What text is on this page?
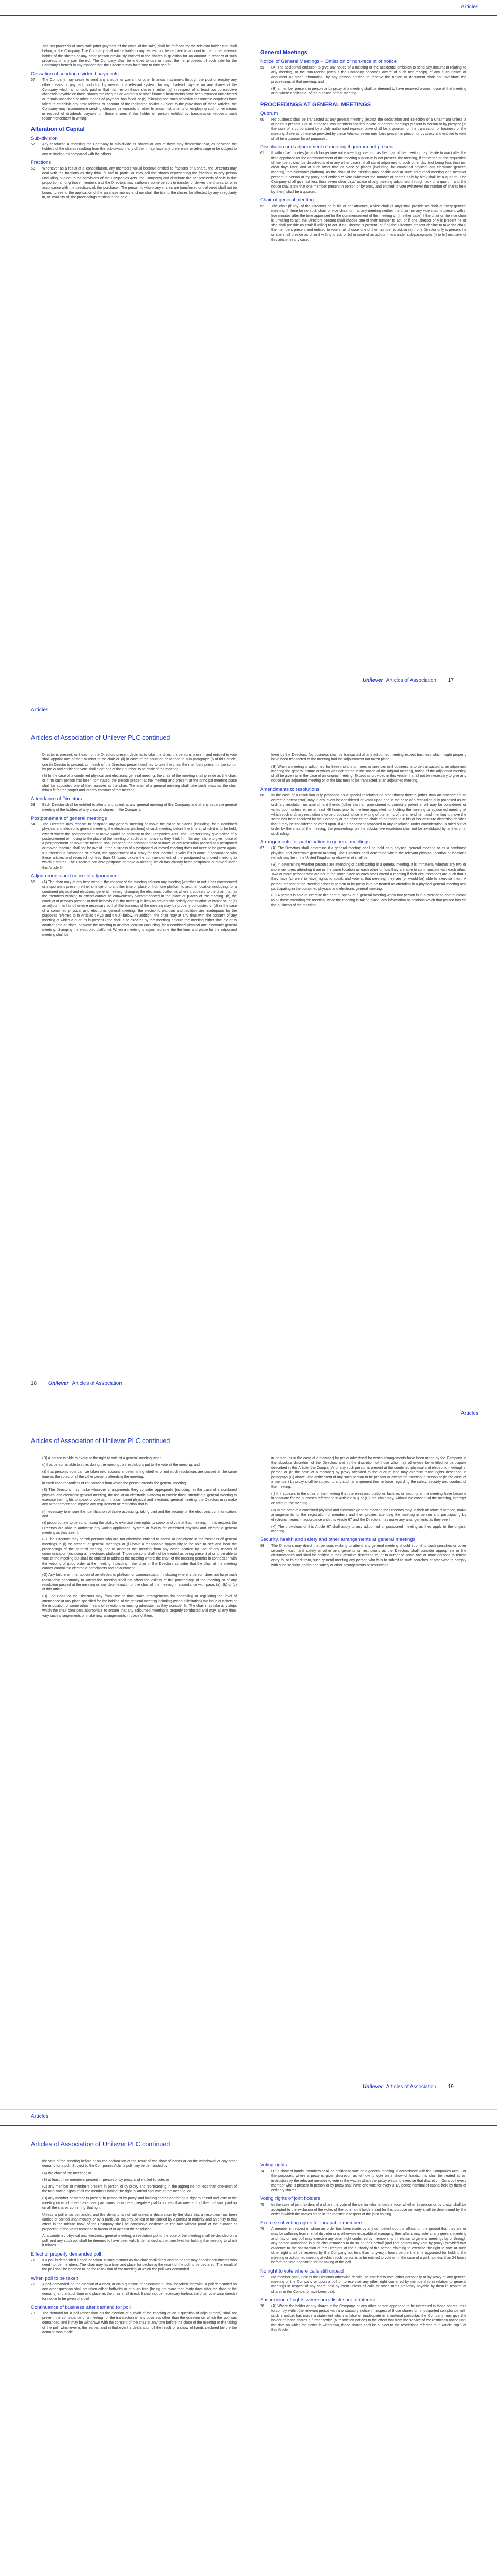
Articles
The net proceeds of such sale (after payment of the costs of the sale) shall be forfeited by the relevant holder and shall belong to the Company. The Company shall not be liable in any respect nor be required to account to the former relevant holder of the shares or any other person previously entitled to the shares in question for an amount in respect of such proceeds or any part thereof. The Company shall be entitled to use or invest the net proceeds of such sale for the Company's benefit in any manner that the Directors may from time to time see fit.
Cessation of sending dividend payments
57	The Company may cease to send any cheque or warrant or other financial instrument through the post or employ any other means of payment, including by means of a relevant system, for any dividend payable on any shares of the Company which is normally paid in that manner on those shares if either (a) in respect of at least two consecutive dividends payable on those shares the cheques or warrants or other financial instruments have been returned undelivered or remain uncashed or other means of payment has failed or (b) following one such occasion reasonable enquiries have failed to establish any new address or account of the registered holder. Subject to the provisions of these Articles, the Company may recommence sending cheques or warrants or other financial instruments or employing such other means in respect of dividends payable on those shares if the holder or person entitled by transmission requests such recommencement in writing.
Alteration of Capital
Sub-division
57	Any resolution authorising the Company to sub-divide its shares or any of them may determine that, as between the holders of the shares resulting from the sub-division, any of them may have any preference or advantage or be subject to any restriction as compared with the others.
Fractions
58	Whenever as a result of a consolidation, any members would become entitled to fractions of a share, the Directors may deal with the fractions as they think fit and in particular may sell the shares representing the fractions to any person (including, subject to the provisions of the Companies Acts, the Company) and distribute the net proceeds of sale in due proportion among those members and the Directors may authorise some person to transfer or deliver the shares to, or in accordance with the directions of, the purchaser. The person to whom any shares are transferred or delivered shall not be bound to see to the application of the purchase money and nor shall the title to the shares be affected by any irregularity in, or invalidity of, the proceedings relating to the sale.
General Meetings
Notice of General Meetings – Omission or non-receipt of notice
59	(A) The accidental omission to give any notice of a meeting or the accidental omission to send any document relating to any meeting, or the non-receipt (even if the Company becomes aware of such non-receipt) of any such notice or document or other information, by any person entitled to receive the notice or document shall not invalidate the proceedings at that meeting; and
(B) a member present in person or by proxy at a meeting shall be deemed to have received proper notice of that meeting and, where applicable, of the purpose of that meeting.
PROCEEDINGS AT GENERAL MEETINGS
Quorum
60	No business shall be transacted at any general meeting (except the declaration and selection of a Chairman) unless a quorum is present. For all purposes, two members entitled to vote at general meetings present in person or by proxy or (in the case of a corporation) by a duly authorised representative shall be a quorum for the transaction of business of the meeting. Save as otherwise provided by these Articles, seven members present in person or by proxy and entitled to vote shall be a quorum for all purposes.
Dissolution and adjournment of meeting if quorum not present
61	If within five minutes (or such longer time not exceeding one hour as the chair of the meeting may decide to wait) after the time appointed for the commencement of the meeting a quorum is not present, the meeting, if convened on the requisition of members, shall be dissolved and in any other case it shall stand adjourned to such other day (not being less than ten clear days later) and at such other time or place or places (including, for combined physical and electronic general meeting, the electronic platform) as the chair of the meeting may decide and at such adjourned meeting one member present in person or by proxy and entitled to vote (whatever the number of shares held by him) shall be a quorum. The Company shall give not less than seven clear days' notice of any meeting adjourned through lack of a quorum and the notice shall state that one member present in person or by proxy and entitled to vote (whatever the number of shares held by them) shall be a quorum.
Chair of general meeting
62	The chair (if any) of the Directors or, in his or her absence, a vice chair (if any) shall preside as chair at every general meeting. If there be no such chair or vice chair, or if at any meeting neither the chair nor any vice chair is present within five minutes after the time appointed for the commencement of the meeting or (in either case) if the chair or the vice chair is unwilling to act, the Directors present shall choose one of their number to act, or if one Director only is present he or she shall preside as chair if willing to act. If no Director is present, or if all the Directors present decline to take the chair, the members present and entitled to vote shall choose one of their number to act; or (ii) if one Director only is present he or she shall preside as chair if willing to act; or (c) in case of an adjournment under sub-paragraphs (i) to (iii) inclusive of this article, in any case.
Unilever Articles of Association 17
Articles
Articles of Association of Unilever PLC continued
Director is present, or if each of the Directors present declines to take the chair, the persons present and entitled to vote shall appoint one of their number to be chair or (ii) in case of the situation described in sub-paragraph (i) of this article, one (i) Director is present, or if each of the Directors present declines to take the chair, the members present in person or by proxy and entitled to vote shall elect one of their number to be chair of the meeting.
(B) In the case of a combined physical and electronic general meeting, the chair of the meeting shall preside as the chair, or if no such person has been nominated, the person present at the meeting and present at the principal meeting place shall be appointed one of their number as the chair. The chair of a general meeting shall take such steps as the chair thinks fit for the proper and orderly conduct of the meeting.
Attendance of Directors
63	Each Director shall be entitled to attend and speak at any general meeting of the Company and at any separate general meeting of the holders of any class of shares in the Company.
Postponement of general meetings
64	The Directors may resolve to postpone any general meeting or move the place or places (including, for a combined physical and electronic general meeting, the electronic platform) of such meeting before the time at which it is to be held, except where the postponement or move would be contrary to the Companies Acts. The Directors may give notice of a postponement or moving to the place of the meeting or such other notice as they think fit. If for any failure to give notice of a postponement or move the meeting shall proceed, the postponement or move of any resolution passed at a postponed or moved meeting shall not be invalid. If the business of a postponed or moved meeting does not need to be given again. If a meeting is postponed or moved, the appointment of a proxy for that meeting is valid if it is done in accordance with these articles and received not less than 48 hours before the commencement of the postponed or moved meeting to which it relates. The Directors can also postpone or move a meeting which has already been postponed or moved under this Article 64.
Adjournments and notice of adjournment
65	(A) The chair may at any time without the consent of the meeting adjourn any meeting (whether or not it has commenced or a quorum is present) either sine die or to another time or place or from one platform to another location (including, for a combined physical and electronic general meeting, changing the electronic platform), where it appears to the chair that (a) the members wishing to attend cannot be conveniently accommodated in the place or places of the meeting; (b) the conduct of persons present or their behaviour in the meeting is likely to prevent the orderly continuation of business; or (c) an adjournment is otherwise necessary so that the business of the meeting may be properly conducted or (d) in the case of a combined physical and electronic general meeting, the electronic platform and facilities are inadequate for the purposes referred to in Articles 67(C) and 67(D) below. In addition, the chair may at any time with the consent of any meeting at which a quorum is present (and shall if so directed by the meeting) adjourn the meeting either sine die or to another time or place, or move the meeting to another location (including, for a combined physical and electronic general meeting, changing the electronic platform). When a meeting is adjourned sine die the time and place for the adjourned meeting shall be
fixed by the Directors. No business shall be transacted at any adjourned meeting except business which might properly have been transacted at the meeting had the adjournment not taken place.
(B) When a meeting is adjourned for three months or more, or sine die, or if business is to be transacted at an adjourned meeting the general nature of which was not stated in the notice of the original meeting, notice of the adjourned meeting shall be given as in the case of an original meeting. Except as provided in this Article, it shall not be necessary to give any notice of an adjourned meeting or of the business to be transacted at an adjourned meeting.
Amendments to resolutions
66	In the case of a resolution duly proposed as a special resolution no amendment thereto (other than an amendment to correct a patent error) may in any event be considered or voted upon and in the case of a resolution duly proposed as an ordinary resolution no amendment thereto (other than an amendment to correct a patent error) may be considered or voted upon unless either at least 48 hours prior to the time appointed for holding the meeting or adjourned meeting at which such ordinary resolution is to be proposed notice in writing of the terms of the amendment and intention to move the same has been received by the Company at the office or the chair of the meeting in his or her absolute discretion decides that it may be considered or voted upon. If an amendment proposed to any resolution under consideration is ruled out of order by the chair of the meeting, the proceedings on the substantive resolution shall not be invalidated by any error in such ruling.
Arrangements for participation in general meetings
67	(A) The Directors shall determine if a general meeting shall be held as a physical general meeting or as a combined physical and electronic general meeting. The Directors shall determine where the relevant physical location or locations (which may be in the United Kingdom or elsewhere) shall be.
(B) In determining whether persons are attending or participating in a general meeting, it is immaterial whether any two or more members attending it are in the same location as each other or how they are able to communicate with each other. Two or more persons who are not in the same place as each other attend a meeting if their circumstances are such that if they have (or were to have) rights to speak and vote at that meeting, they are (or would be) able to exercise them. A person present at the meeting either in person or by proxy is to be treated as attending in a physical general meeting and participating in the combined physical and electronic general meeting.
(C) A person is able to exercise the right to speak at a general meeting when that person is in a position to communicate to all those attending the meeting, while the meeting is taking place, any information or opinions which that person has on the business of the meeting.
18 Unilever Articles of Association
Articles
Articles of Association of Unilever PLC continued
(D) A person is able to exercise the right to vote at a general meeting when:
(i) that person is able to vote, during the meeting, on resolutions put to the vote at the meeting; and
(ii) that person's vote can be taken into account in determining whether or not such resolutions are passed at the same time as the votes of all the other persons attending the meeting.
in each case regardless of the location from which the person attends the general meeting.
(E) The Directors may make whatever arrangements they consider appropriate (including, in the case of a combined physical and electronic general meeting, the use of an electronic platform) to enable those attending a general meeting to exercise their rights to speak or vote at it. In a combined physical and electronic general meeting, the Directors may make any arrangement and impose any requirement or restriction that is:
(i) necessary to ensure the identification of those accessing, taking part and the security of the electronic communication; and
(ii) proportionate to persons having the ability to exercise their rights to speak and vote at that meeting. In this respect, the Directors are able to authorise any voting application, system or facility for combined physical and electronic general meeting as they see fit.
(F) The Directors may permit persons who are not otherwise entitled to attend or participate in the business of general meetings to (i) be present at general meetings or (ii) have a reasonable opportunity to be able to see and hear the proceedings of the general meeting and to address the meeting from any other location by use of any means of communication (including an electronic platform). Those persons shall not be treated as being present at or to be able to vote at the meeting but shall be entitled to address the meeting where the chair of the meeting permits in connection with the keeping of good order at the meeting, including if the chair or the Directors consider that the chair at the meeting cannot control the electronic participants and adjournment.
(G) Any failure or interruption of an electronic platform or communication, including where a person does not have such reasonable opportunity to attend the meeting shall not affect the validity of the proceedings of the meeting or of any resolution passed at the meeting or any determination of the chair of the meeting in accordance with paras (a), (b) or (c) of this article.
(H) The Chair or the Directors may from time to time make arrangements for controlling or regulating the level of attendance at any place specified for the holding of the general meeting including (without limitation) the issue of tickets or the imposition of some other means of selection, or limiting admission as they consider fit. The chair may take any steps which the chair considers appropriate to ensure that any adjourned meeting is properly conducted and may, at any time, vary such arrangements or make new arrangements in place of them.
in person (or in the case of a member) by proxy advertised for which arrangements have been made by the Company in the absolute discretion of the Directors and in the discretion of those who may otherwise be entitled to participate described in this Article (the Company's or any such person is present at the combined physical and electronic meeting) in person or (in the case of a member) by proxy attended to the quorum and may exercise those rights described in paragraph (C) above. The entitlement of any such person to be present or attend the meeting in person or (in the case of a member) by proxy shall be subject to any such arrangement then in force regarding the safety, security and conduct of the meeting.
(I) If it appears to the chair of the meeting that the electronic platform, facilities or security at the meeting have become inadequate for the purposes referred to in Article 67(C) or (D), the chair may, without the consent of the meeting, interrupt or adjourn the meeting.
(J) In the case of a combined physical and electronic general meeting the Directors may, in their absolute discretion, make arrangements for the registration of members and their proxies attending the meeting in person and participating by electronic means in accordance with this Article 67 and the Directors may make any arrangements as they see fit.
(K) The provisions of this Article 67 shall apply to any adjourned or postponed meeting as they apply to the original meeting.
Security, health and safety and other arrangements at general meetings
68	The Directors may direct that persons wishing to attend any general meeting should submit to such searches or other security, health and safety or other arrangements or restrictions as the Directors shall consider appropriate in the circumstances and shall be entitled in their absolute discretion to, or to authorise some one or more persons to refuse entry to, or to eject from, such general meeting any person who fails to submit to such searches or otherwise to comply with such security, health and safety or other arrangements or restrictions.
Unilever Articles of Association 19
Articles
Articles of Association of Unilever PLC continued
the vote of the meeting before or on the declaration of the result of the show of hands or on the withdrawal of any other demand for a poll. Subject to the Companies Acts, a poll may be demanded by:
(A) the chair of the meeting; or
(B) at least three members present in person or by proxy and entitled to vote; or
(C) any member or members present in person or by proxy and representing in the aggregate not less than one-tenth of the total voting rights of all the members having the right to attend and vote at the meeting; or
(D) any member or members present in person or by proxy and holding shares conferring a right to attend and vote at the meeting on which there have been paid sums up in the aggregate equal to not less than one-tenth of the total sum paid up on all the shares conferring that right.
Unless a poll is so demanded and the demand is not withdrawn, a declaration by the chair that a resolution has been carried or carried unanimously, or by a particular majority, or lost or not carried by a particular majority and an entry to that effect in the minute book of the Company shall be conclusive evidence of the fact without proof of the number or proportion of the votes recorded in favour of or against the resolution.
At a combined physical and electronic general meeting, a resolution put to the vote of the meeting shall be decided on a poll, and any such poll shall be deemed to have been validly demanded at the time fixed for holding the meeting to which it relates.
Effect of properly demanded poll
71	If a poll is demanded it shall be taken in such manner as the chair shall direct and he or she may appoint scrutineers who need not be members. The chair may fix a time and place for declaring the result of the poll to be declared. The result of the poll shall be deemed to be the resolution of the meeting at which the poll was demanded.
When poll to be taken
72	A poll demanded on the election of a chair, or on a question of adjournment, shall be taken forthwith. A poll demanded on any other question shall be taken either forthwith or at such time (being not more than thirty days after the date of the demand) and at such time and place as the chair shall direct. It shall not be necessary (unless the chair otherwise directs) for notice to be given of a poll.
Continuance of business after demand for poll
73	The demand for a poll (other than on the election of a chair of the meeting or on a question of adjournment) shall not prevent the continuance of a meeting for the transaction of any business other than the question on which the poll was demanded, and it may be withdrawn with the consent of the chair at any time before the close of the meeting or the taking of the poll, whichever is the earlier, and in that event a declaration of the result of a show of hands declared before the demand was made.
Voting rights
74	On a show of hands, members shall be entitled to vote on a general meeting in accordance with the Companies Acts. For the purposes, where a proxy is given discretion as to how to vote on a show of hands, this shall be treated as an instruction by the relevant member to vote in the way in which the proxy elects to exercise that discretion. On a poll every member who is present in person or by proxy shall have one vote for every 3 1/9 pence nominal of capital held by them of ordinary shares.
Voting rights of joint holders
75	In the case of joint holders of a share the vote of the senior who tenders a vote, whether in person or by proxy, shall be accepted to the exclusion of the votes of the other joint holders and for this purpose seniority shall be determined by the order in which the names stand in the register in respect of the joint holding.
Exercise of voting rights for incapable members
76	A member in respect of whom an order has been made by any competent court or official on the ground that they are or may be suffering from mental disorder or is otherwise incapable of managing their affairs may vote at any general meeting and may on any poll may exercise any other right conferred by membership in relation to general meetings by or through any person authorised in such circumstances to do so on their behalf (and that person may vote by proxy) provided that evidence to the satisfaction of the Directors of the authority of the person claiming to exercise the right to vote at such other right shall be received by the Company not less than forty-eight hours before the time appointed for holding the meeting or adjourned meeting at which such person is to be entitled to vote or, in the case of a poll, not less than 24 hours before the time appointed for the taking of the poll.
No right to vote where calls still unpaid
77	No member shall, unless the Directors otherwise decide, be entitled to vote either personally or by proxy at any general meeting of the Company or upon a poll or to exercise any other right conferred by membership in relation to general meetings in respect of any share held by them unless all calls or other sums presently payable by them in respect of shares in the Company have been paid.
Suspension of rights where non-disclosure of interest
78	(A) Where the holder of any shares in the Company, or any other person appearing to be interested in those shares, fails to comply within the relevant period with any statutory notice in respect of those shares or, in purported compliance with such a notice, has made a statement which is false or inadequate in a material particular, the Company may give the holder of those shares a further notice (a 'restriction notice') to the effect that from the service of the restriction notice until the date on which the notice is withdrawn, those shares shall be subject to the restrictions referred to in Article 78(B) of this Article.
